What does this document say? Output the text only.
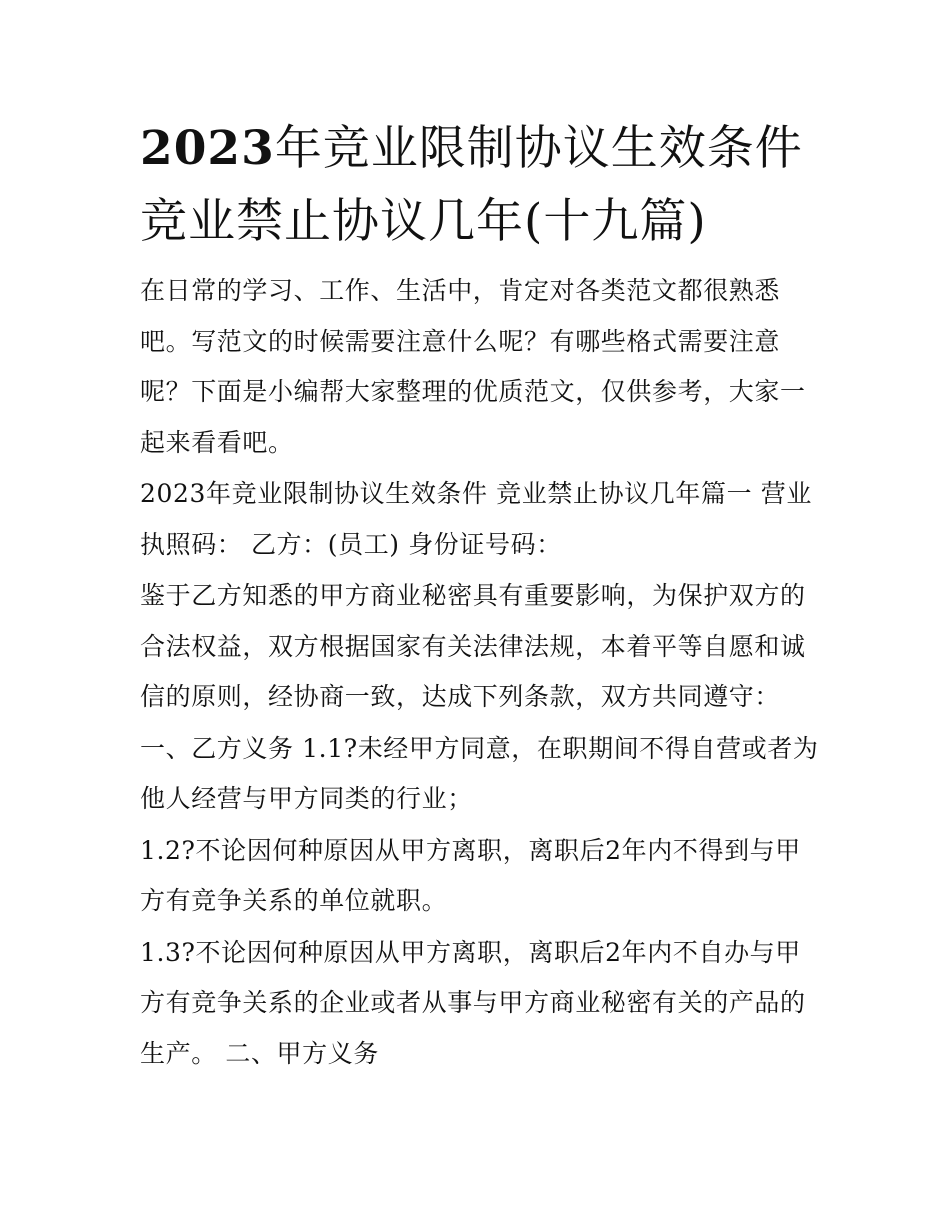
2023年竞业限制协议生效条件
竞业禁止协议几年(十九篇)

在日常的学习、工作、生活中，肯定对各类范文都很熟悉吧。写范文的时候需要注意什么呢？有哪些格式需要注意呢？下面是小编帮大家整理的优质范文，仅供参考，大家一起来看看吧。

2023年竞业限制协议生效条件 竞业禁止协议几年篇一 营业执照码： 乙方：(员工) 身份证号码：

鉴于乙方知悉的甲方商业秘密具有重要影响，为保护双方的合法权益，双方根据国家有关法律法规，本着平等自愿和诚信的原则，经协商一致，达成下列条款，双方共同遵守：

一、乙方义务 1.1?未经甲方同意，在职期间不得自营或者为他人经营与甲方同类的行业；

1.2?不论因何种原因从甲方离职，离职后2年内不得到与甲方有竞争关系的单位就职。

1.3?不论因何种原因从甲方离职，离职后2年内不自办与甲方有竞争关系的企业或者从事与甲方商业秘密有关的产品的生产。 二、甲方义务
